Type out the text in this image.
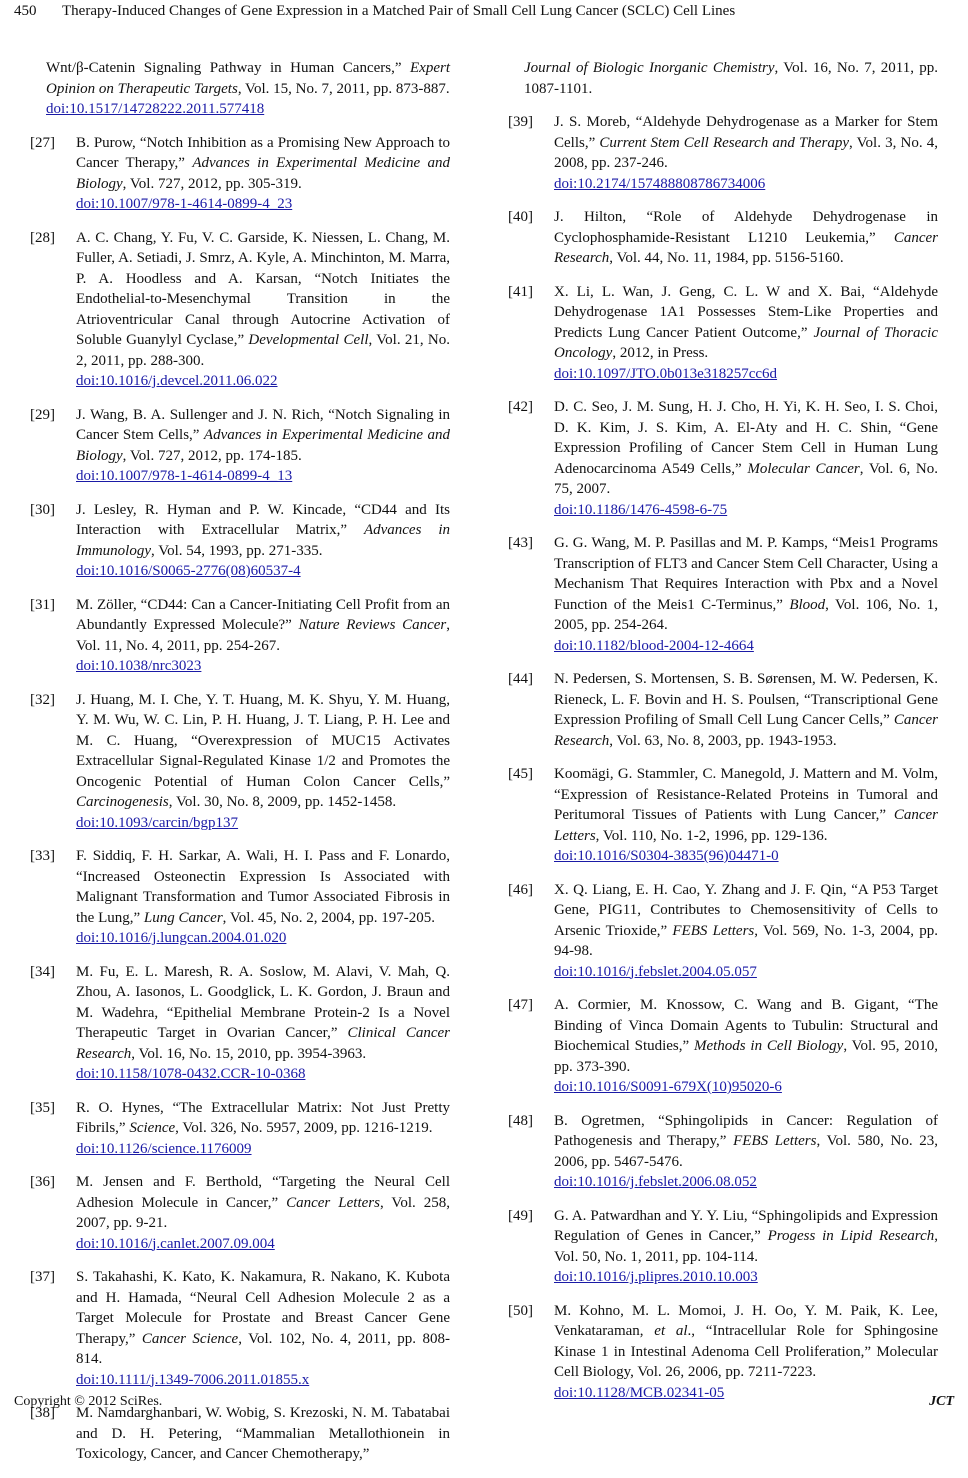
450 Therapy-Induced Changes of Gene Expression in a Matched Pair of Small Cell Lung Cancer (SCLC) Cell Lines
Wnt/β-Catenin Signaling Pathway in Human Cancers,” Expert Opinion on Therapeutic Targets, Vol. 15, No. 7, 2011, pp. 873-887.
doi:10.1517/14728222.2011.577418
[27] B. Purow, “Notch Inhibition as a Promising New Approach to Cancer Therapy,” Advances in Experimental Medicine and Biology, Vol. 727, 2012, pp. 305-319.
doi:10.1007/978-1-4614-0899-4_23
[28] A. C. Chang, Y. Fu, V. C. Garside, K. Niessen, L. Chang, M. Fuller, A. Setiadi, J. Smrz, A. Kyle, A. Minchinton, M. Marra, P. A. Hoodless and A. Karsan, “Notch Initiates the Endothelial-to-Mesenchymal Transition in the Atrioventricular Canal through Autocrine Activation of Soluble Guanylyl Cyclase,” Developmental Cell, Vol. 21, No. 2, 2011, pp. 288-300.
doi:10.1016/j.devcel.2011.06.022
[29] J. Wang, B. A. Sullenger and J. N. Rich, “Notch Signaling in Cancer Stem Cells,” Advances in Experimental Medicine and Biology, Vol. 727, 2012, pp. 174-185.
doi:10.1007/978-1-4614-0899-4_13
[30] J. Lesley, R. Hyman and P. W. Kincade, “CD44 and Its Interaction with Extracellular Matrix,” Advances in Immunology, Vol. 54, 1993, pp. 271-335.
doi:10.1016/S0065-2776(08)60537-4
[31] M. Zöller, “CD44: Can a Cancer-Initiating Cell Profit from an Abundantly Expressed Molecule?” Nature Reviews Cancer, Vol. 11, No. 4, 2011, pp. 254-267.
doi:10.1038/nrc3023
[32] J. Huang, M. I. Che, Y. T. Huang, M. K. Shyu, Y. M. Huang, Y. M. Wu, W. C. Lin, P. H. Huang, J. T. Liang, P. H. Lee and M. C. Huang, “Overexpression of MUC15 Activates Extracellular Signal-Regulated Kinase 1/2 and Promotes the Oncogenic Potential of Human Colon Cancer Cells,” Carcinogenesis, Vol. 30, No. 8, 2009, pp. 1452-1458.
doi:10.1093/carcin/bgp137
[33] F. Siddiq, F. H. Sarkar, A. Wali, H. I. Pass and F. Lonardo, “Increased Osteonectin Expression Is Associated with Malignant Transformation and Tumor Associated Fibrosis in the Lung,” Lung Cancer, Vol. 45, No. 2, 2004, pp. 197-205.
doi:10.1016/j.lungcan.2004.01.020
[34] M. Fu, E. L. Maresh, R. A. Soslow, M. Alavi, V. Mah, Q. Zhou, A. Iasonos, L. Goodglick, L. K. Gordon, J. Braun and M. Wadehra, “Epithelial Membrane Protein-2 Is a Novel Therapeutic Target in Ovarian Cancer,” Clinical Cancer Research, Vol. 16, No. 15, 2010, pp. 3954-3963.
doi:10.1158/1078-0432.CCR-10-0368
[35] R. O. Hynes, “The Extracellular Matrix: Not Just Pretty Fibrils,” Science, Vol. 326, No. 5957, 2009, pp. 1216-1219.
doi:10.1126/science.1176009
[36] M. Jensen and F. Berthold, “Targeting the Neural Cell Adhesion Molecule in Cancer,” Cancer Letters, Vol. 258, 2007, pp. 9-21.
doi:10.1016/j.canlet.2007.09.004
[37] S. Takahashi, K. Kato, K. Nakamura, R. Nakano, K. Kubota and H. Hamada, “Neural Cell Adhesion Molecule 2 as a Target Molecule for Prostate and Breast Cancer Gene Therapy,” Cancer Science, Vol. 102, No. 4, 2011, pp. 808-814.
doi:10.1111/j.1349-7006.2011.01855.x
[38] M. Namdarghanbari, W. Wobig, S. Krezoski, N. M. Tabatabai and D. H. Petering, “Mammalian Metallothionein in Toxicology, Cancer, and Cancer Chemotherapy,”
Journal of Biologic Inorganic Chemistry, Vol. 16, No. 7, 2011, pp. 1087-1101.
[39] J. S. Moreb, “Aldehyde Dehydrogenase as a Marker for Stem Cells,” Current Stem Cell Research and Therapy, Vol. 3, No. 4, 2008, pp. 237-246.
doi:10.2174/157488808786734006
[40] J. Hilton, “Role of Aldehyde Dehydrogenase in Cyclophosphamide-Resistant L1210 Leukemia,” Cancer Research, Vol. 44, No. 11, 1984, pp. 5156-5160.
[41] X. Li, L. Wan, J. Geng, C. L. W and X. Bai, “Aldehyde Dehydrogenase 1A1 Possesses Stem-Like Properties and Predicts Lung Cancer Patient Outcome,” Journal of Thoracic Oncology, 2012, in Press.
doi:10.1097/JTO.0b013e318257cc6d
[42] D. C. Seo, J. M. Sung, H. J. Cho, H. Yi, K. H. Seo, I. S. Choi, D. K. Kim, J. S. Kim, A. El-Aty and H. C. Shin, “Gene Expression Profiling of Cancer Stem Cell in Human Lung Adenocarcinoma A549 Cells,” Molecular Cancer, Vol. 6, No. 75, 2007.
doi:10.1186/1476-4598-6-75
[43] G. G. Wang, M. P. Pasillas and M. P. Kamps, “Meis1 Programs Transcription of FLT3 and Cancer Stem Cell Character, Using a Mechanism That Requires Interaction with Pbx and a Novel Function of the Meis1 C-Terminus,” Blood, Vol. 106, No. 1, 2005, pp. 254-264.
doi:10.1182/blood-2004-12-4664
[44] N. Pedersen, S. Mortensen, S. B. Sørensen, M. W. Pedersen, K. Rieneck, L. F. Bovin and H. S. Poulsen, “Transcriptional Gene Expression Profiling of Small Cell Lung Cancer Cells,” Cancer Research, Vol. 63, No. 8, 2003, pp. 1943-1953.
[45] Koomägi, G. Stammler, C. Manegold, J. Mattern and M. Volm, “Expression of Resistance-Related Proteins in Tumoral and Peritumoral Tissues of Patients with Lung Cancer,” Cancer Letters, Vol. 110, No. 1-2, 1996, pp. 129-136.
doi:10.1016/S0304-3835(96)04471-0
[46] X. Q. Liang, E. H. Cao, Y. Zhang and J. F. Qin, “A P53 Target Gene, PIG11, Contributes to Chemosensitivity of Cells to Arsenic Trioxide,” FEBS Letters, Vol. 569, No. 1-3, 2004, pp. 94-98.
doi:10.1016/j.febslet.2004.05.057
[47] A. Cormier, M. Knossow, C. Wang and B. Gigant, “The Binding of Vinca Domain Agents to Tubulin: Structural and Biochemical Studies,” Methods in Cell Biology, Vol. 95, 2010, pp. 373-390.
doi:10.1016/S0091-679X(10)95020-6
[48] B. Ogretmen, “Sphingolipids in Cancer: Regulation of Pathogenesis and Therapy,” FEBS Letters, Vol. 580, No. 23, 2006, pp. 5467-5476.
doi:10.1016/j.febslet.2006.08.052
[49] G. A. Patwardhan and Y. Y. Liu, “Sphingolipids and Expression Regulation of Genes in Cancer,” Progess in Lipid Research, Vol. 50, No. 1, 2011, pp. 104-114.
doi:10.1016/j.plipres.2010.10.003
[50] M. Kohno, M. L. Momoi, J. H. Oo, Y. M. Paik, K. Lee, Venkataraman, et al., “Intracellular Role for Sphingosine Kinase 1 in Intestinal Adenoma Cell Proliferation,” Molecular Cell Biology, Vol. 26, 2006, pp. 7211-7223.
doi:10.1128/MCB.02341-05
Copyright © 2012 SciRes.	JCT
